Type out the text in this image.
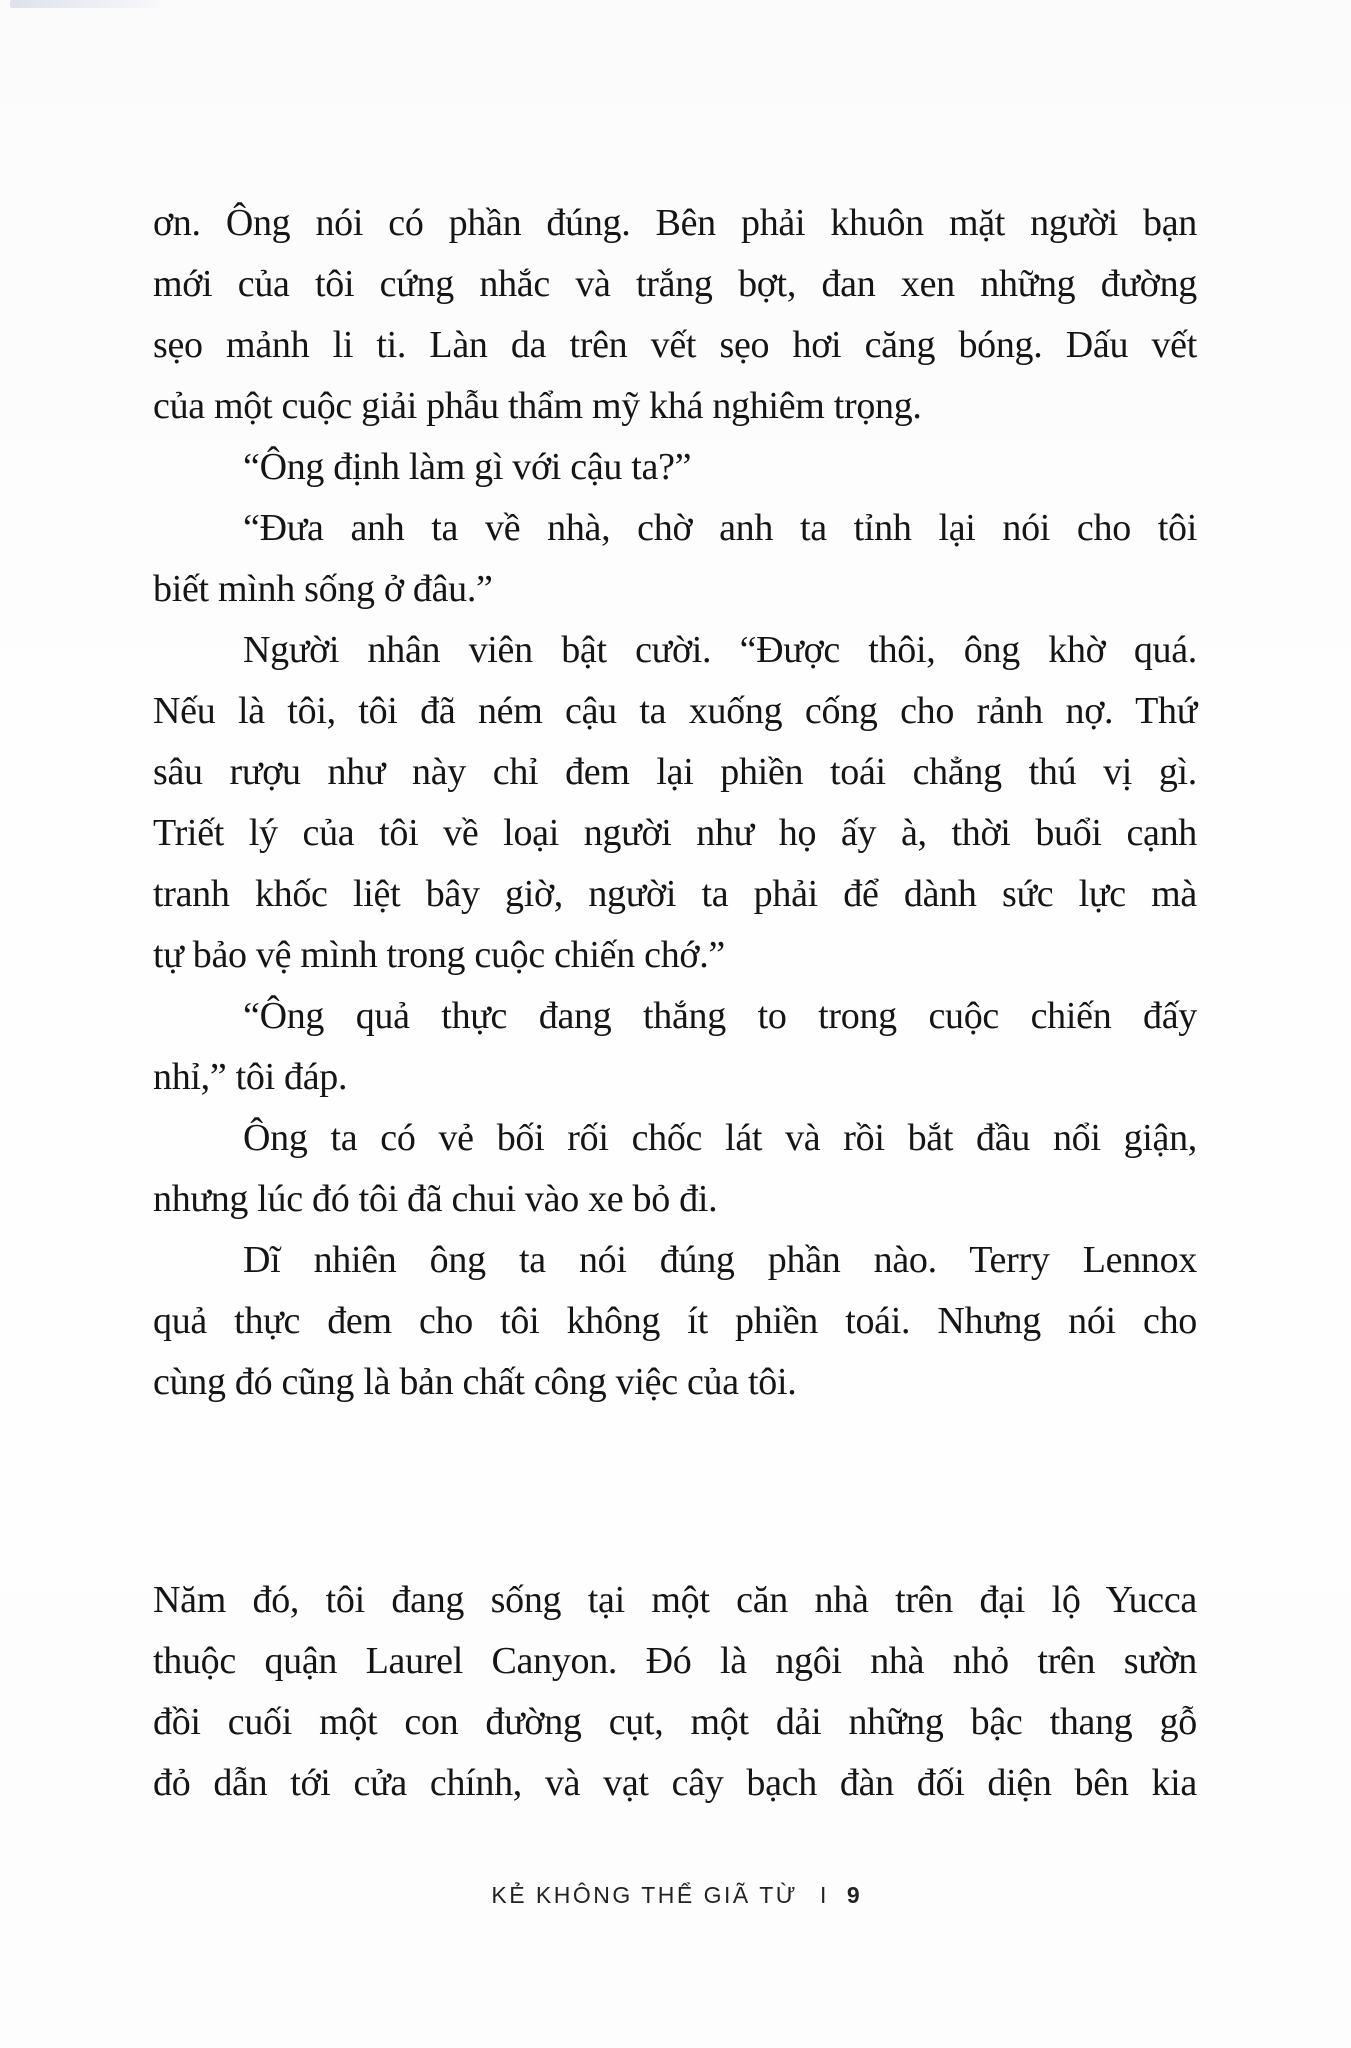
ơn. Ông nói có phần đúng. Bên phải khuôn mặt người bạn
mới của tôi cứng nhắc và trắng bợt, đan xen những đường
sẹo mảnh li ti. Làn da trên vết sẹo hơi căng bóng. Dấu vết
của một cuộc giải phẫu thẩm mỹ khá nghiêm trọng.
“Ông định làm gì với cậu ta?”
“Đưa anh ta về nhà, chờ anh ta tỉnh lại nói cho tôi
biết mình sống ở đâu.”
Người nhân viên bật cười. “Được thôi, ông khờ quá.
Nếu là tôi, tôi đã ném cậu ta xuống cống cho rảnh nợ. Thứ
sâu rượu như này chỉ đem lại phiền toái chẳng thú vị gì.
Triết lý của tôi về loại người như họ ấy à, thời buổi cạnh
tranh khốc liệt bây giờ, người ta phải để dành sức lực mà
tự bảo vệ mình trong cuộc chiến chớ.”
“Ông quả thực đang thắng to trong cuộc chiến đấy
nhỉ,” tôi đáp.
Ông ta có vẻ bối rối chốc lát và rồi bắt đầu nổi giận,
nhưng lúc đó tôi đã chui vào xe bỏ đi.
Dĩ nhiên ông ta nói đúng phần nào. Terry Lennox
quả thực đem cho tôi không ít phiền toái. Nhưng nói cho
cùng đó cũng là bản chất công việc của tôi.
Năm đó, tôi đang sống tại một căn nhà trên đại lộ Yucca
thuộc quận Laurel Canyon. Đó là ngôi nhà nhỏ trên sườn
đồi cuối một con đường cụt, một dải những bậc thang gỗ
đỏ dẫn tới cửa chính, và vạt cây bạch đàn đối diện bên kia
KẺ KHÔNG THỂ GIÃ TỪ I 9
